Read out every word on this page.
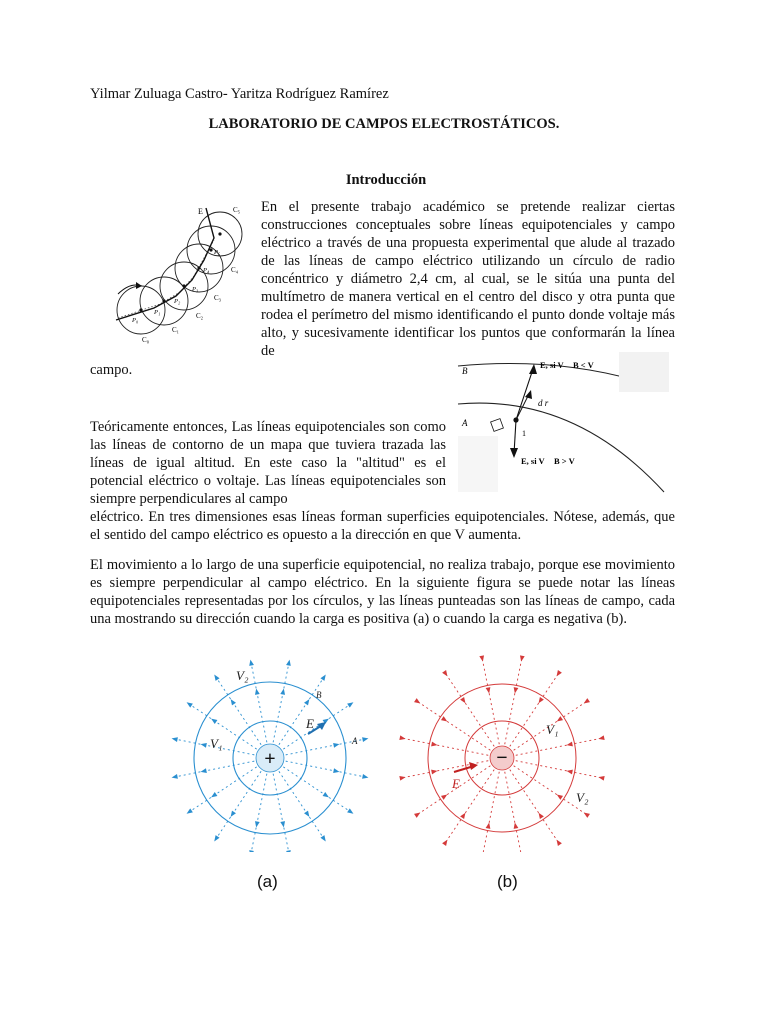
Yilmar Zuluaga Castro- Yaritza Rodríguez Ramírez
LABORATORIO DE CAMPOS ELECTROSTÁTICOS.
Introducción
E	C₅
C₄
C₃
C₂
C₁
C₀
P₀
P₁
P₂
P₃
P₄
P₅
En el presente trabajo académico se pretende realizar ciertas construcciones conceptuales sobre líneas equipotenciales y campo eléctrico a través de una propuesta experimental que alude al trazado de las líneas de campo eléctrico utilizando un círculo de radio concéntrico y diámetro 2,4 cm, al cual, se le sitúa una punta del multímetro de manera vertical en el centro del disco y otra punta que rodea el perímetro del mismo identificando el punto donde voltaje más alto, y sucesivamente identificar los puntos que conformarán la línea de
campo.	B
A
E, si V B < V
d r
1
E, si V B > V
Teóricamente entonces, Las líneas equipotenciales son como las líneas de contorno de un mapa que tuviera trazada las líneas de igual altitud. En este caso la "altitud" es el potencial eléctrico o voltaje. Las líneas equipotenciales son siempre perpendiculares al campo
eléctrico. En tres dimensiones esas líneas forman superficies equipotenciales. Nótese, además, que el sentido del campo eléctrico es opuesto a la dirección en que V aumenta.
El movimiento a lo largo de una superficie equipotencial, no realiza trabajo, porque ese movimiento es siempre perpendicular al campo eléctrico. En la siguiente figura se puede notar las líneas equipotenciales representadas por los círculos, y las líneas punteadas son las líneas de campo, cada una mostrando su dirección cuando la carga es positiva (a) o cuando la carga es negativa (b).
+
V₂
V₁
E
B
A
−
V₁
V₂
E
(a)	(b)
